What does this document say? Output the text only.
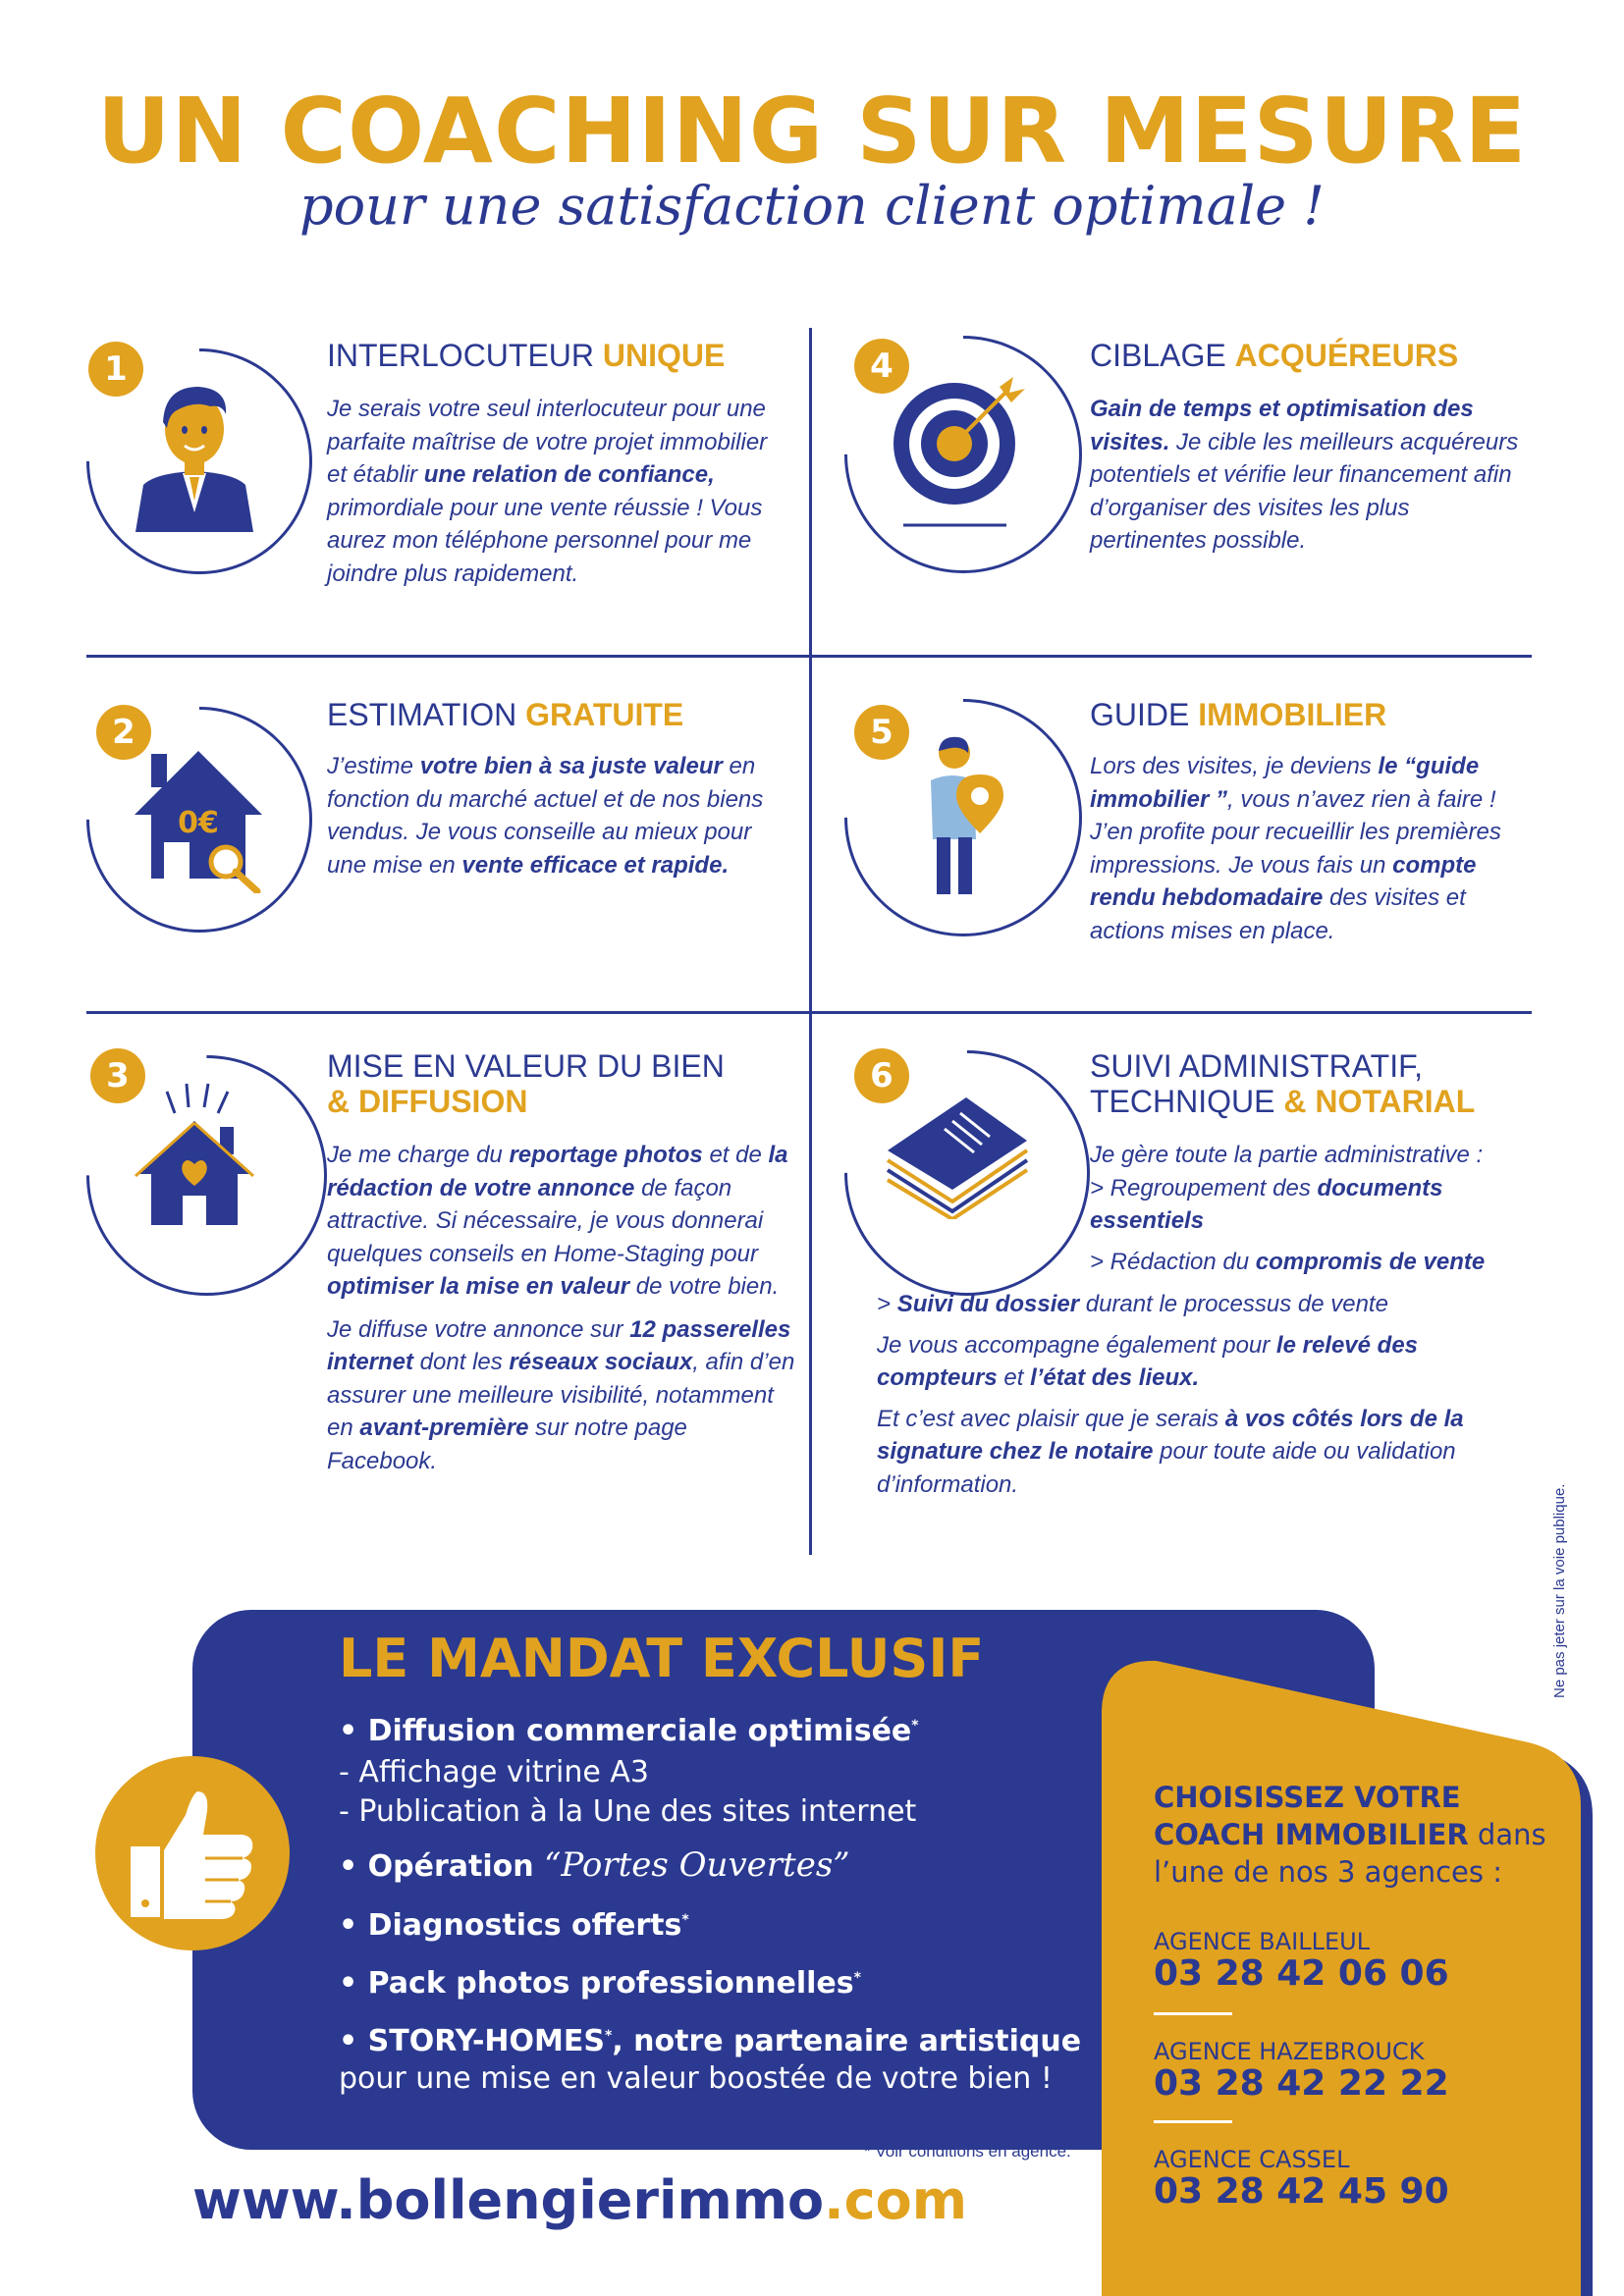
UN COACHING SUR MESURE
pour une satisfaction client optimale !
1	INTERLOCUTEUR UNIQUE
Je serais votre seul interlocuteur pour une parfaite maîtrise de votre projet immobilier et établir une relation de confiance, primordiale pour une vente réussie ! Vous aurez mon téléphone personnel pour me joindre plus rapidement.
2
0€
ESTIMATION GRATUITE
J’estime votre bien à sa juste valeur en fonction du marché actuel et de nos biens vendus. Je vous conseille au mieux pour une mise en vente efficace et rapide.
3	MISE EN VALEUR DU BIEN
& DIFFUSION

Je me charge du reportage photos et de la rédaction de votre annonce de façon attractive. Si nécessaire, je vous donnerai quelques conseils en Home-Staging pour optimiser la mise en valeur de votre bien.

Je diffuse votre annonce sur 12 passerelles internet dont les réseaux sociaux, afin d’en assurer une meilleure visibilité, notamment en avant-première sur notre page Facebook.

4	CIBLAGE ACQUÉREURS
Gain de temps et optimisation des visites. Je cible les meilleurs acquéreurs potentiels et vérifie leur financement afin d’organiser des visites les plus pertinentes possible.
5	GUIDE IMMOBILIER
Lors des visites, je deviens le “guide immobilier ”, vous n’avez rien à faire ! J’en profite pour recueillir les premières impressions. Je vous fais un compte rendu hebdomadaire des visites et actions mises en place.
6	SUIVI ADMINISTRATIF,
TECHNIQUE & NOTARIAL

Je gère toute la partie administrative :

> Regroupement des documents

essentiels

> Rédaction du compromis de vente

> Suivi du dossier durant le processus de vente

Je vous accompagne également pour le relevé des compteurs et l’état des lieux.

Et c’est avec plaisir que je serais à vos côtés lors de la signature chez le notaire pour toute aide ou validation d’information.	Ne pas jeter sur la voie publique.
LE MANDAT EXCLUSIF
• Diffusion commerciale optimisée*
- Affichage vitrine A3
- Publication à la Une des sites internet
• Opération “Portes Ouvertes”
• Diagnostics offerts*
• Pack photos professionnelles*
• STORY-HOMES*, notre partenaire artistique
pour une mise en valeur boostée de votre bien !
CHOISISSEZ VOTRE
COACH IMMOBILIER dans
l’une de nos 3 agences :
AGENCE BAILLEUL
03 28 42 06 06
AGENCE HAZEBROUCK
03 28 42 22 22
AGENCE CASSEL
03 28 42 45 90
* Voir conditions en agence.
www.bollengierimmo.com
